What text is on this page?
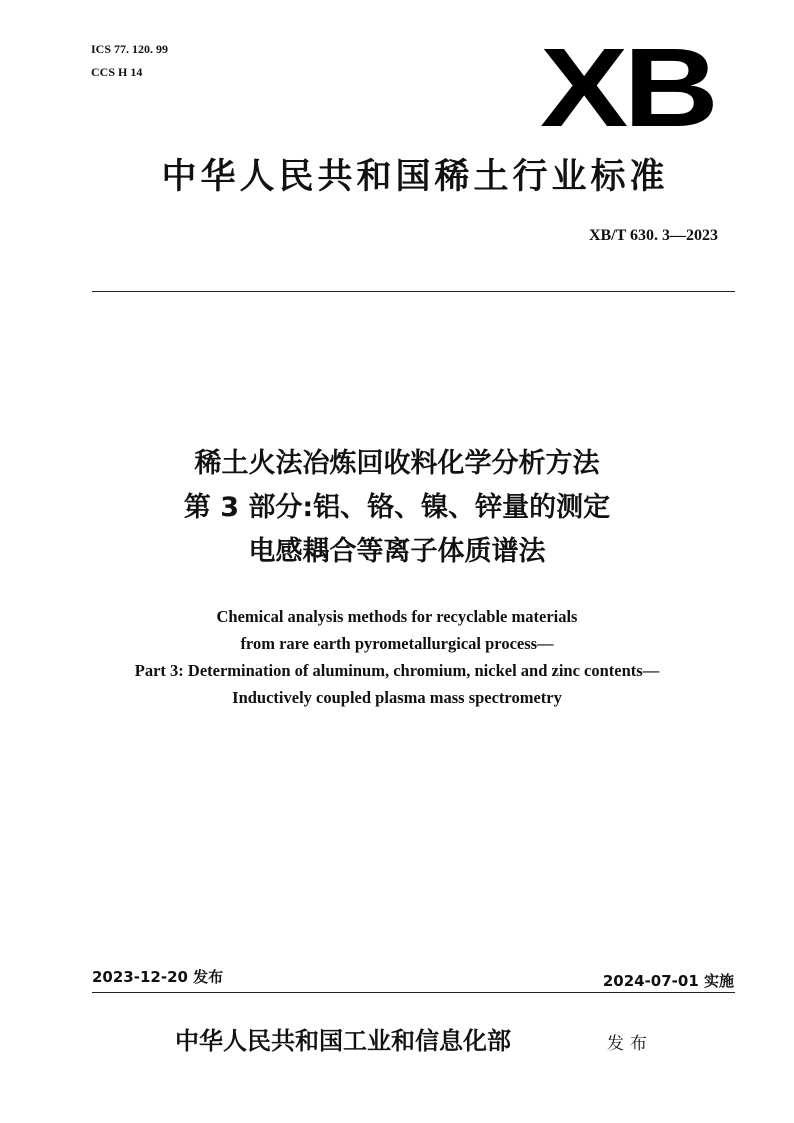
ICS 77. 120. 99
CCS H 14	XB
中华人民共和国稀土行业标准
XB/T 630. 3—2023
稀土火法冶炼回收料化学分析方法
第 3 部分:铝、铬、镍、锌量的测定
电感耦合等离子体质谱法
Chemical analysis methods for recyclable materials
from rare earth pyrometallurgical process—
Part 3: Determination of aluminum, chromium, nickel and zinc contents—
Inductively coupled plasma mass spectrometry
2023-12-20 发布	2024-07-01 实施
中华人民共和国工业和信息化部	发布
